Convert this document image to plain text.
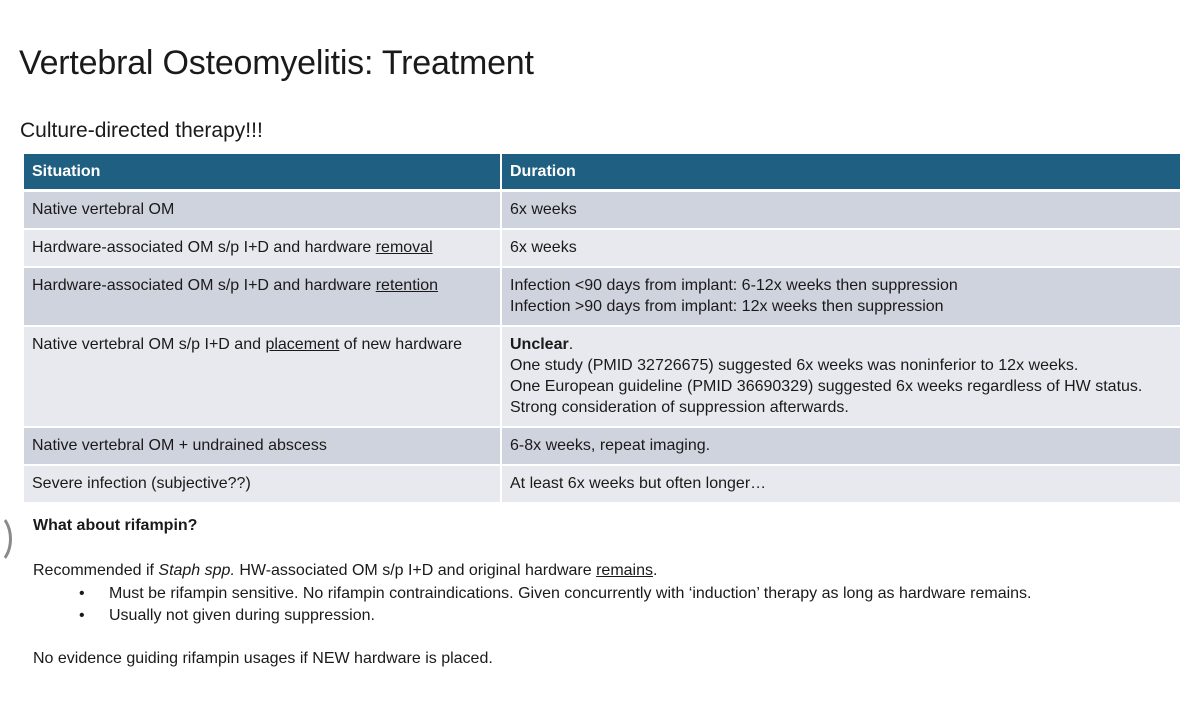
Vertebral Osteomyelitis: Treatment

Culture-directed therapy!!!

Situation	Duration
Native vertebral OM	6x weeks

Hardware-associated OM s/p I+D and hardware removal	6x weeks

Hardware-associated OM s/p I+D and hardware retention	Infection <90 days from implant: 6-12x weeks then suppression
Infection >90 days from implant: 12x weeks then suppression

Native vertebral OM s/p I+D and placement of new hardware	Unclear.
One study (PMID 32726675) suggested 6x weeks was noninferior to 12x weeks.
One European guideline (PMID 36690329) suggested 6x weeks regardless of HW status.
Strong consideration of suppression afterwards.

Native vertebral OM + undrained abscess	6-8x weeks, repeat imaging.

Severe infection (subjective??)	At least 6x weeks but often longer…

What about rifampin?

Recommended if Staph spp. HW-associated OM s/p I+D and original hardware remains.

• Must be rifampin sensitive. No rifampin contraindications. Given concurrently with ‘induction’ therapy as long as hardware remains.
• Usually not given during suppression.

No evidence guiding rifampin usages if NEW hardware is placed.
